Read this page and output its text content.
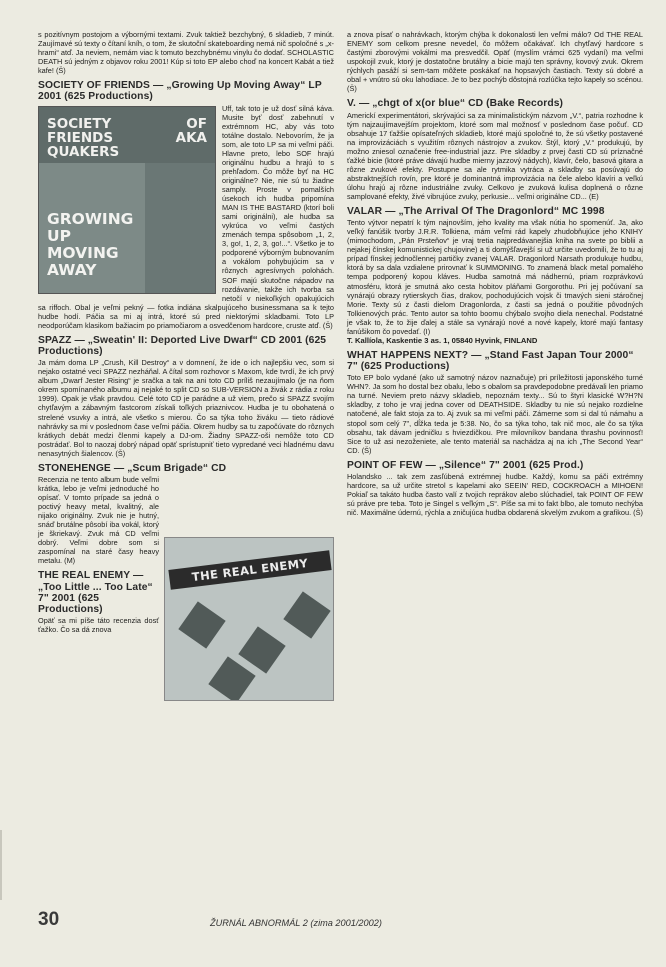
s pozitívnym postojom a výbornými textami. Zvuk taktiež bezchybný, 6 skladieb, 7 minút. Zaujímavé sú texty o čítaní kníh, o tom, že skutoční skateboarding nemá nič spoločné s „x-hrami“ atď. Ja neviem, nemám viac k tomuto bezchybnému vinylu čo dodať. SCHOLASTIC DEATH sú jedným z objavov roku 2001! Kúp si toto EP alebo choď na koncert Kabát a tiež kafe! (Š)

SOCIETY OF FRIENDS — „Growing Up Moving Away“ LP 2001 (625 Productions)
SOCIETY OF FRIENDS AKA QUAKERS
GROWING UP MOVING AWAY

Uff, tak toto je už dosť silná káva. Musite byť dosť zabehnutí v extrémnom HC, aby vás toto totálne dostalo. Nebovorím, že ja som, ale toto LP sa mi veľmi páči. Hlavne preto, lebo SOF hrajú originálnu hudbu a hrajú to s prehľadom. Čo môže byť na HC originálne? Nie, nie sú tu žiadne samply. Proste v pomalších úsekoch ich hudba pripomína MAN IS THE BASTARD (ktorí boli sami originálni), ale hudba sa vykrúca vo veľmi častých zmenách tempa spôsobom „1, 2, 3, go!, 1, 2, 3, go!...“. Všetko je to podporené výborným bubnovaním a vokálom pohybujúcim sa v rôznych agresívnych polohách. SOF majú skutočne nápadov na rozdávanie, takže ich tvorba sa netočí v niekoľkých opakujúcich sa riffoch. Obal je veľmi pekný — fotka indiána skalpujúceho businessmana sa k tejto hudbe hodí. Páčia sa mi aj intrá, ktoré sú pred niektorými skladbami. Toto LP neodporúčam klasikom bažiacim po priamočiarom a osvedčenom hardcore, cruste atď. (Š)

SPAZZ — „Sweatin' II: Deported Live Dwarf“ CD 2001 (625 Productions)

Ja mám doma LP „Crush, Kill Destroy“ a v domnení, že ide o ich najlepšiu vec, som si nejako ostatné veci SPAZZ nezháňal. A čítal som rozhovor s Maxom, kde tvrdí, že ich prvý album „Dwarf Jester Rising“ je sračka a tak na ani toto CD príliš nezaujímalo (je na ňom okrem spomínaného albumu aj nejaké to split CD so SUB-VERSION a živák z rádia z roku 1999). Opak je však pravdou. Celé toto CD je parádne a už viem, prečo si SPAZZ svojím chytľavým a zábavným fastcorom získali toľkých priaznivcov. Hudba je tu obohatená o strelené vsuvky a intrá, ale všetko s mierou. Čo sa týka toho živáku — tieto rádiové nahrávky sa mi v poslednom čase veľmi páčia. Okrem hudby sa tu započúvate do rôznych krátkych debát medzi členmi kapely a DJ-om. Žiadny SPAZZ-oši nemôže toto CD postrádať. Bol to naozaj dobrý nápad opäť sprístupniť tieto vypredané veci hladnému davu nenasytných šialencov. (Š)

STONEHENGE — „Scum Brigade“ CD
THE REAL ENEMY

Recenzia ne tento album bude veľmi krátka, lebo je veľmi jednoduché ho opísať. V tomto prípade sa jedná o poctivý heavy metal, kvalitný, ale nijako originálny. Zvuk nie je hutný, snáď brutálne pôsobí iba vokál, ktorý je škriekavý. Zvuk má CD veľmi dobrý. Veľmi dobre som si zaspomínal na staré časy heavy metalu. (M)

THE REAL ENEMY — „Too Little ... Too Late“ 7" 2001 (625 Productions)

Opäť sa mi píše táto recenzia dosť ťažko. Čo sa dá znova

a znova písať o nahrávkach, ktorým chýba k dokonalosti len veľmi málo? Od THE REAL ENEMY som celkom presne nevedel, čo môžem očakávať. Ich chytľavý hardcore s častými zborovými vokálmi ma presvedčil. Opäť (myslím vrámci 625 vydaní) ma veľmi uspokojil zvuk, ktorý je dostatočne brutálny a bicie majú ten správny, kovový zvuk. Okrem rýchlych pasáží si sem-tam môžete poskákať na hopsavých častiach. Texty sú dobré a obal + vnútro sú oku lahodiace. Je to bez pochýb dôstojná rozlúčka tejto kapely so scénou. (Š)

V. — „chgt of x(or blue“ CD (Bake Records)

Americkí experimentátori, skrývajúci sa za minimalistickým názvom „V.“, patria rozhodne k tým najzaujímavejším projektom, ktoré som mal možnosť v poslednom čase počuť. CD obsahuje 17 ťažšie opísateľných skladieb, ktoré majú spoločné to, že sú všetky postavené na improvizáciách s využitím rôznych nástrojov a zvukov. Štýl, ktorý „V.“ produkujú, by možno zniesol označenie free-industrial jazz. Pre skladby z prvej časti CD sú príznačné ťažké bicie (ktoré práve dávajú hudbe mierny jazzový nádych), klavír, čelo, basová gitara a rôzne zvukové efekty. Postupne sa ale rytmika vytráca a skladby sa posúvajú do abstraktnejších rovín, pre ktoré je dominantná improvizácia na čele alebo klavíri a veľkú úlohu hrajú aj rôzne industriálne zvuky. Celkovo je zvuková kulisa doplnená o rôzne samplované efekty, živé vibrujúce zvuky, perkusie... veľmi originálne CD... (E)

VALAR — „The Arrival Of The Dragonlord“ MC 1998

Tento výtvor nepatrí k tým najnovším, jeho kvality ma však nútia ho spomenúť. Ja, ako veľký fanúšik tvorby J.R.R. Tolkiena, mám veľmi rád kapely zhudobňujúce jeho KNIHY (mimochodom, „Pán Prsteňov“ je vraj tretia najpredávanejšia kniha na svete po biblii a nejakej čínskej komunistickej chujovine) a ti domýšľavejší si už určite uvedomili, že to tu aj prípad fínskej jednočlennej partičky zvanej VALAR. Dragonlord Narsath produkuje hudbu, ktorá by sa dala vzdialene prirovnať k SUMMONING. To znamená black metal pomalého tempa podporený kopou kláves. Hudba samotná má nádhernú, priam rozprávkovú atmosféru, ktorá je smutná ako cesta hobitov pláňami Gorgorothu. Pri jej počúvaní sa vynárajú obrazy rytierskych čias, drakov, pochodujúcich vojsk či tmavých sieni stáročnej Morie. Texty sú z časti dielom Dragonlorda, z časti sa jedná o použitie pôvodných Tolkienových prác. Tento autor sa tohto boomu chýbalo svojho diela nenechal. Podstatné je však to, že to žije ďalej a stále sa vynárajú nové a nové kapely, ktoré majú fantasy fanúšikom čo povedať. (I)

T. Kallíola, Kaskentie 3 as. 1, 05840 Hyvink, FINLAND

WHAT HAPPENS NEXT? — „Stand Fast Japan Tour 2000“ 7" (625 Productions)

Toto EP bolo vydané (ako už samotný názov naznačuje) pri príležitosti japonského turné WHN?. Ja som ho dostal bez obalu, lebo s obalom sa pravdepodobne predávali len priamo na turné. Neviem preto názvy skladieb, nepoznám texty... Sú to štyri klasické W?H?N skladby, z toho je vraj jedna cover od DEATHSIDE. Skladby tu nie sú nejako rozdielne natočené, ale fakt stoja za to. Aj zvuk sa mi veľmi páči. Zámerne som si dal tú námahu a stopol som celý 7", dĺžka teda je 5:38. No, čo sa týka toho, tak nič moc, ale čo sa týka obsahu, tak dávam jedničku s hviezdičkou. Pre milovníkov bandana thrashu povinnosť! Sice to už asi nezoženiete, ale tento materiál sa nachádza aj na ich „The Second Year“ CD. (Š)

POINT OF FEW — „Silence“ 7" 2001 (625 Prod.)

Holandsko ... tak zem zasľúbená extrémnej hudbe. Každý, komu sa páči extrémny hardcore, sa už určite stretol s kapelami ako SEEIN' RED, COCKROACH a MIHOEN! Pokiaľ sa takáto hudba často valí z tvojich reprákov alebo slúchadiel, tak POINT OF FEW sú práve pre teba. Toto je Singel s veľkým „S“. Píše sa mi to fakt blbo, ale tomuto nechýba nič. Maximálne údernú, rýchla a zničujúca hudba obdarená skvelým zvukom a grafikou. (Š)

30	ŽURNÁL ABNORMÁL 2 (zima 2001/2002)
